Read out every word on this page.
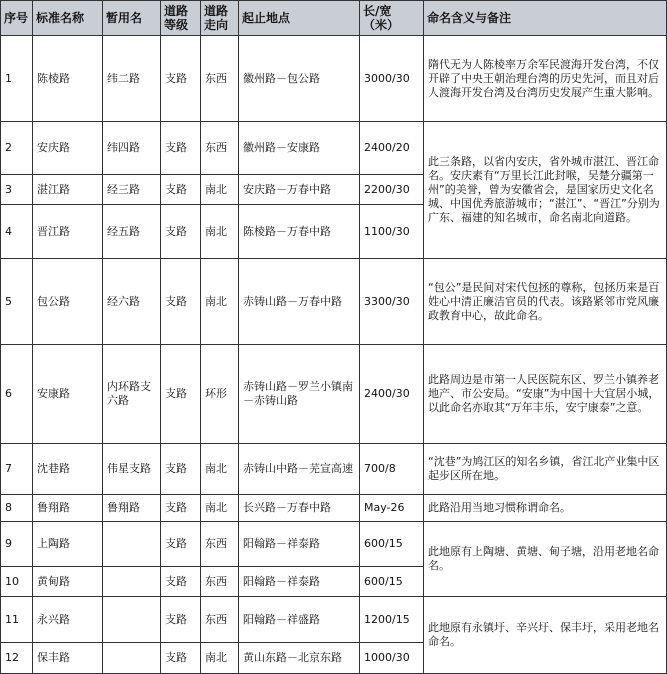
序号	标准名称	暂用名	道路等级	道路走向	起止地点	长/宽（米）	命名含义与备注
1	陈棱路	纬二路	支路	东西	徽州路－包公路	3000/30	隋代无为人陈棱率万余军民渡海开发台湾，不仅开辟了中央王朝治理台湾的历史先河，而且对后人渡海开发台湾及台湾历史发展产生重大影响。
2	安庆路	纬四路	支路	东西	徽州路－安康路	2400/20	此三条路，以省内安庆，省外城市湛江、晋江命名。安庆素有“万里长江此封喉，吴楚分疆第一州”的美誉，曾为安徽省会，是国家历史文化名城、中国优秀旅游城市；“湛江”、“晋江”分别为广东、福建的知名城市，命名南北向道路。
3	湛江路	经三路	支路	南北	安庆路－万春中路	2200/30	
4	晋江路	经五路	支路	南北	陈棱路－万春中路	1100/30	
5	包公路	经六路	支路	南北	赤铸山路－万春中路	3300/30	“包公”是民间对宋代包拯的尊称，包拯历来是百姓心中清正廉洁官员的代表。该路紧邻市党风廉政教育中心，故此命名。
6	安康路	内环路支六路	支路	环形	赤铸山路－罗兰小镇南－赤铸山路	2400/30	此路周边是市第一人民医院东区、罗兰小镇养老地产、市公安局。“安康”为中国十大宜居小城， 以此命名亦取其“万年丰乐，安宁康泰”之意。
7	沈巷路	伟星支路	支路	南北	赤铸山中路－芜宣高速	700/8	“沈巷”为鸠江区的知名乡镇，省江北产业集中区起步区所在地。
8	鲁翔路	鲁翔路	支路	南北	长兴路－万春中路	May-26	此路沿用当地习惯称谓命名。
9	上陶路		支路	东西	阳翰路－祥泰路	600/15	此地原有上陶塘、黄塘、甸子塘，沿用老地名命名。
10	黄甸路		支路	东西	阳翰路－祥泰路	600/15	
11	永兴路		支路	东西	阳翰路－祥盛路	1200/15	此地原有永镇圩、辛兴圩、保丰圩，采用老地名命名。
12	保丰路		支路	南北	黄山东路－北京东路	1000/30	
